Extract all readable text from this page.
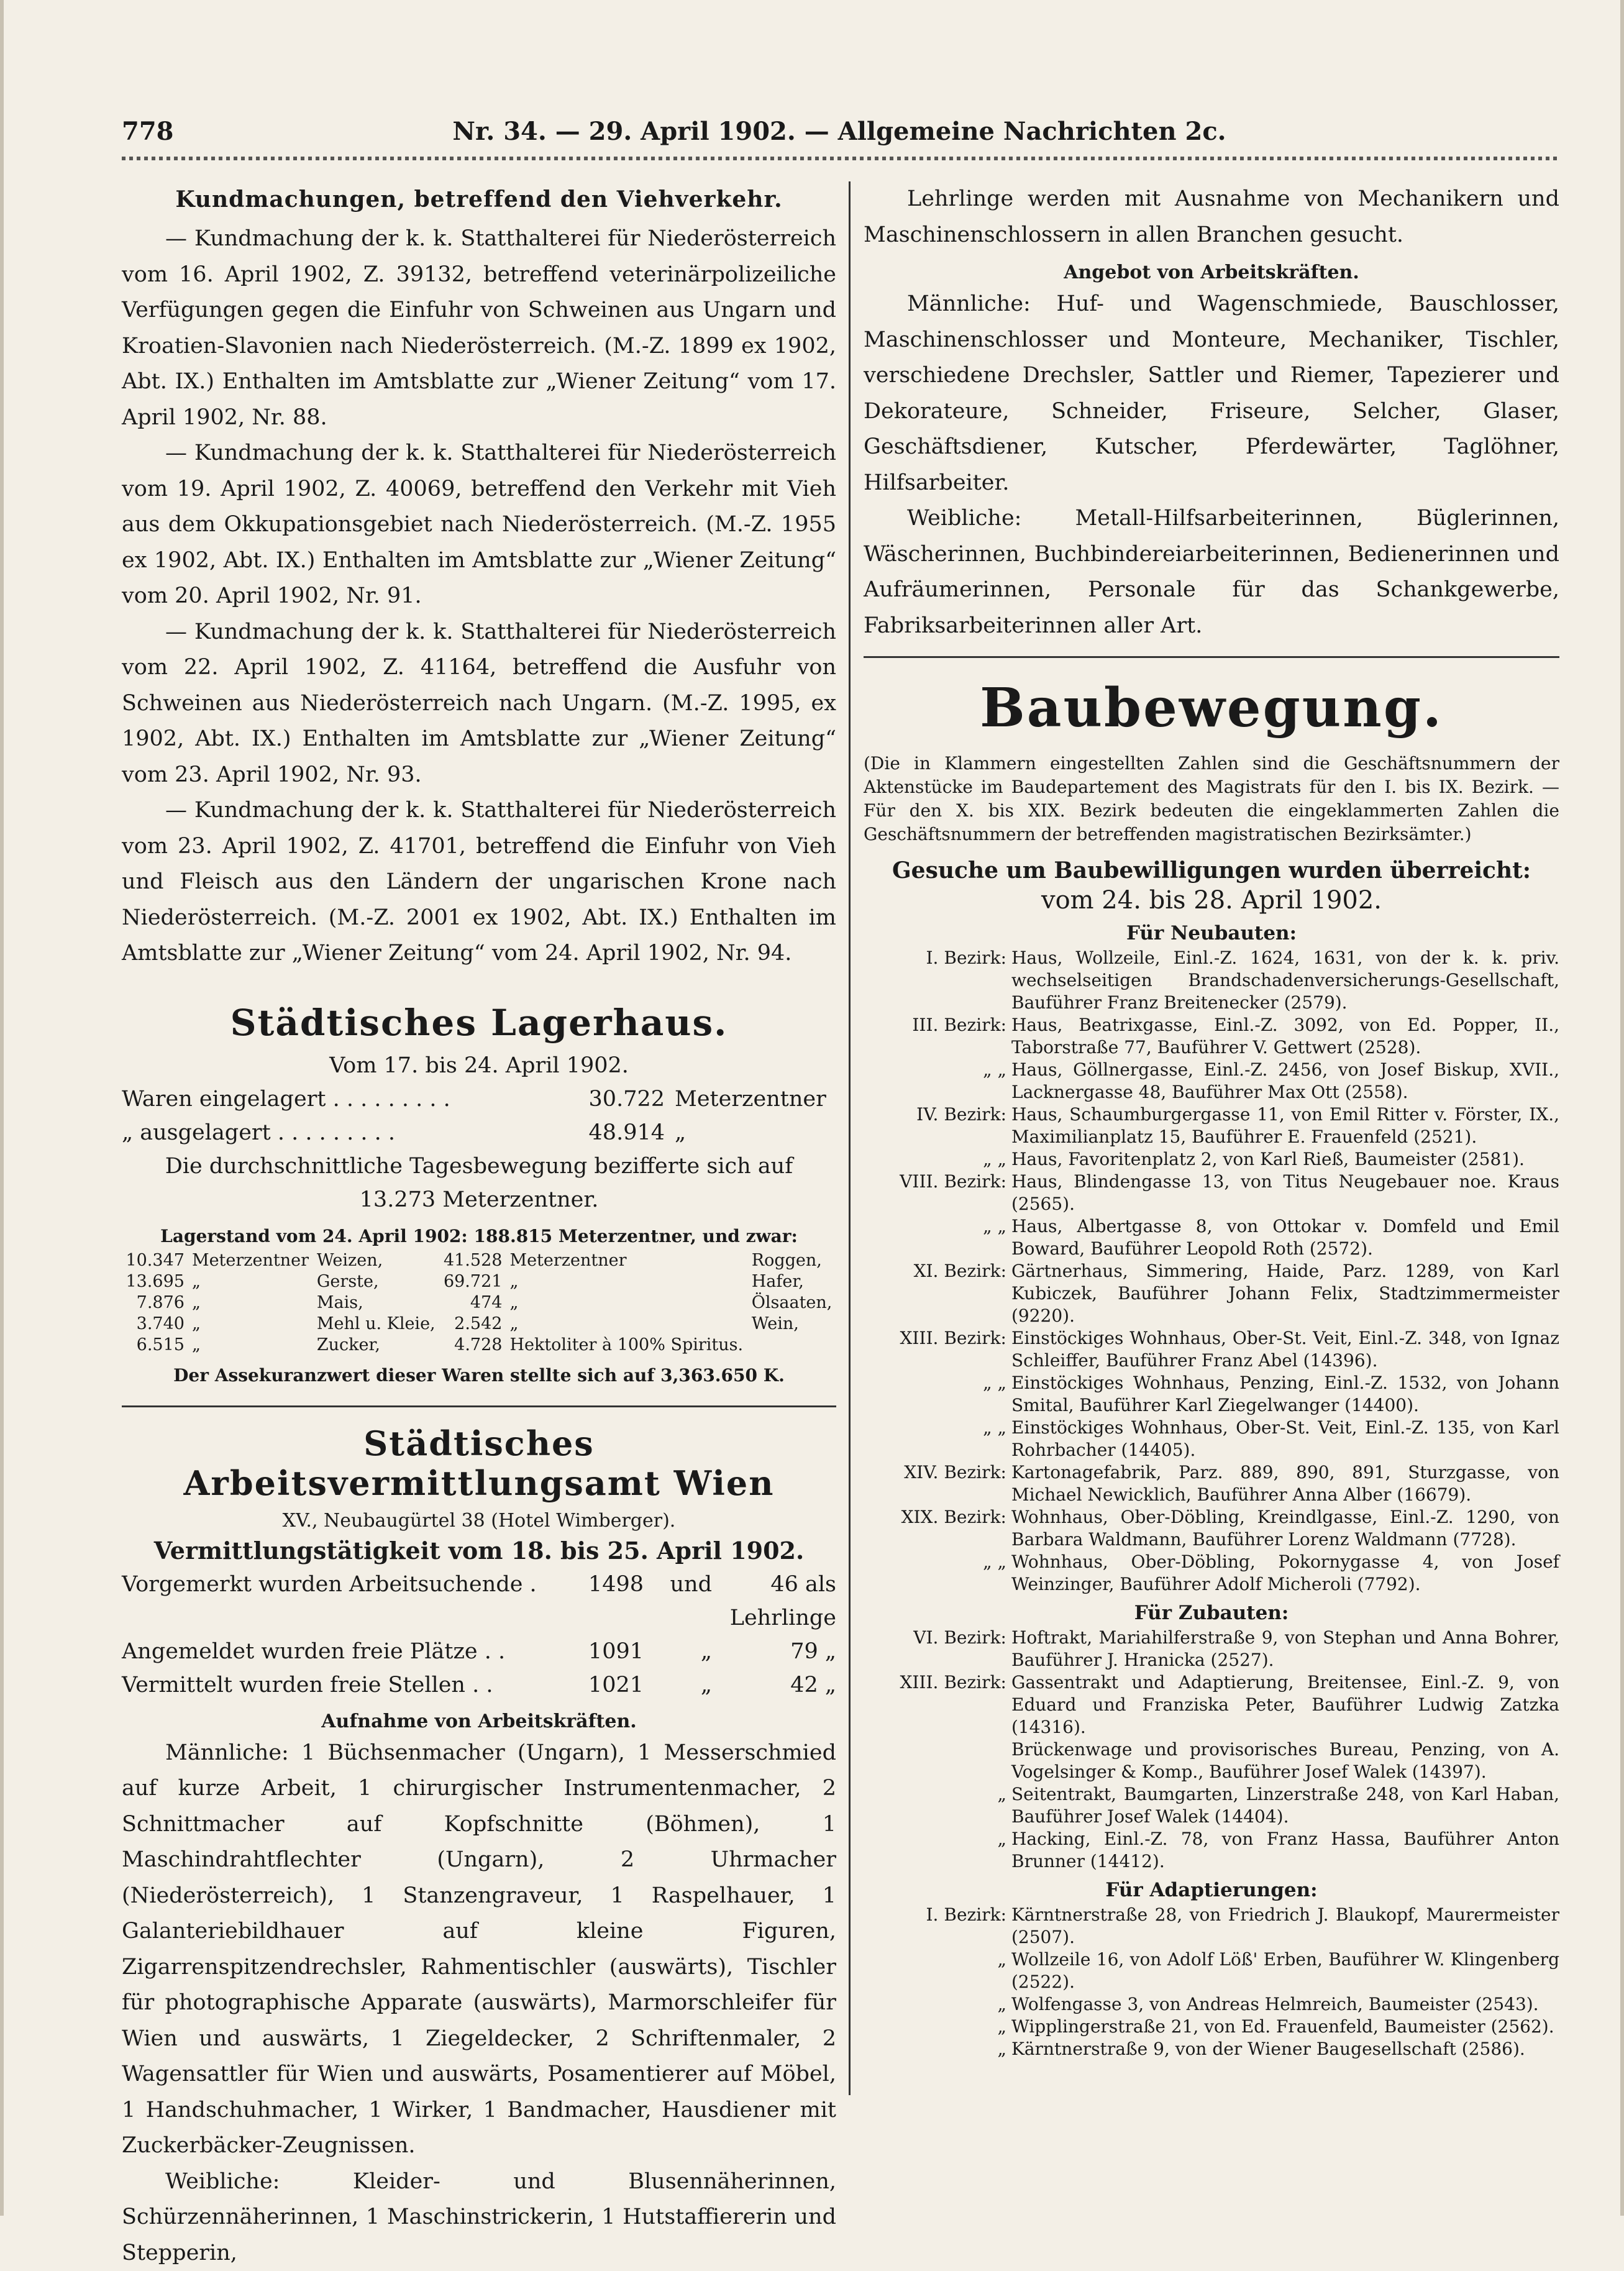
778	Nr. 34. — 29. April 1902. — Allgemeine Nachrichten 2c.
Kundmachungen, betreffend den Viehverkehr.

— Kundmachung der k. k. Statthalterei für Niederösterreich vom 16. April 1902, Z. 39132, betreffend veterinärpolizeiliche Verfügungen gegen die Einfuhr von Schweinen aus Ungarn und Kroatien-Slavonien nach Niederösterreich. (M.-Z. 1899 ex 1902, Abt. IX.) Enthalten im Amtsblatte zur „Wiener Zeitung“ vom 17. April 1902, Nr. 88.

— Kundmachung der k. k. Statthalterei für Niederösterreich vom 19. April 1902, Z. 40069, betreffend den Verkehr mit Vieh aus dem Okkupationsgebiet nach Niederösterreich. (M.-Z. 1955 ex 1902, Abt. IX.) Enthalten im Amtsblatte zur „Wiener Zeitung“ vom 20. April 1902, Nr. 91.

— Kundmachung der k. k. Statthalterei für Niederösterreich vom 22. April 1902, Z. 41164, betreffend die Ausfuhr von Schweinen aus Niederösterreich nach Ungarn. (M.-Z. 1995, ex 1902, Abt. IX.) Enthalten im Amtsblatte zur „Wiener Zeitung“ vom 23. April 1902, Nr. 93.

— Kundmachung der k. k. Statthalterei für Niederösterreich vom 23. April 1902, Z. 41701, betreffend die Einfuhr von Vieh und Fleisch aus den Ländern der ungarischen Krone nach Niederösterreich. (M.-Z. 2001 ex 1902, Abt. IX.) Enthalten im Amtsblatte zur „Wiener Zeitung“ vom 24. April 1902, Nr. 94.

Städtisches Lagerhaus.
Vom 17. bis 24. April 1902.
Waren eingelagert . . . . . . . . .	30.722 Meterzentner
„ ausgelagert . . . . . . . . .	48.914 „
Die durchschnittliche Tagesbewegung bezifferte sich auf
13.273 Meterzentner.
Lagerstand vom 24. April 1902: 188.815 Meterzentner, und zwar:
10.347	Meterzentner	Weizen,	41.528	Meterzentner	Roggen,
13.695	„	Gerste,	69.721	„	Hafer,
7.876	„	Mais,	474	„	Ölsaaten,
3.740	„	Mehl u. Kleie,	2.542	„	Wein,
6.515	„	Zucker,	4.728	Hektoliter à 100% Spiritus.	
Der Assekuranzwert dieser Waren stellte sich auf 3,363.650 K.
Städtisches Arbeitsvermittlungsamt Wien
XV., Neubaugürtel 38 (Hotel Wimberger).
Vermittlungstätigkeit vom 18. bis 25. April 1902.
Vorgemerkt wurden Arbeitsuchende .	1498	und	46 als Lehrlinge
Angemeldet wurden freie Plätze . .	1091	„	79 „
Vermittelt wurden freie Stellen . .	1021	„	42 „
Aufnahme von Arbeitskräften.

Männliche: 1 Büchsenmacher (Ungarn), 1 Messerschmied auf kurze Arbeit, 1 chirurgischer Instrumentenmacher, 2 Schnittmacher auf Kopfschnitte (Böhmen), 1 Maschindrahtflechter (Ungarn), 2 Uhrmacher (Niederösterreich), 1 Stanzengraveur, 1 Raspelhauer, 1 Galanteriebildhauer auf kleine Figuren, Zigarrenspitzendrechsler, Rahmentischler (auswärts), Tischler für photographische Apparate (auswärts), Marmorschleifer für Wien und auswärts, 1 Ziegeldecker, 2 Schriftenmaler, 2 Wagensattler für Wien und auswärts, Posamentierer auf Möbel, 1 Handschuhmacher, 1 Wirker, 1 Bandmacher, Hausdiener mit Zuckerbäcker-Zeugnissen.

Weibliche: Kleider- und Blusennäherinnen, Schürzennäherinnen, 1 Maschinstrickerin, 1 Hutstaffiererin und Stepperin,

Lehrlinge werden mit Ausnahme von Mechanikern und Maschinenschlossern in allen Branchen gesucht.

Angebot von Arbeitskräften.

Männliche: Huf- und Wagenschmiede, Bauschlosser, Maschinenschlosser und Monteure, Mechaniker, Tischler, verschiedene Drechsler, Sattler und Riemer, Tapezierer und Dekorateure, Schneider, Friseure, Selcher, Glaser, Geschäftsdiener, Kutscher, Pferdewärter, Taglöhner, Hilfsarbeiter.

Weibliche: Metall-Hilfsarbeiterinnen, Büglerinnen, Wäscherinnen, Buchbindereiarbeiterinnen, Bedienerinnen und Aufräumerinnen, Personale für das Schankgewerbe, Fabriksarbeiterinnen aller Art.

Baubewegung.
(Die in Klammern eingestellten Zahlen sind die Geschäftsnummern der Aktenstücke im Baudepartement des Magistrats für den I. bis IX. Bezirk. — Für den X. bis XIX. Bezirk bedeuten die eingeklammerten Zahlen die Geschäftsnummern der betreffenden magistratischen Bezirksämter.)
Gesuche um Baubewilligungen wurden überreicht:
vom 24. bis 28. April 1902.
Für Neubauten:
I. Bezirk: Haus, Wollzeile, Einl.-Z. 1624, 1631, von der k. k. priv. wechselseitigen Brandschadenversicherungs-Gesellschaft, Bauführer Franz Breitenecker (2579).
III. Bezirk: Haus, Beatrixgasse, Einl.-Z. 3092, von Ed. Popper, II., Taborstraße 77, Bauführer V. Gettwert (2528).
„ „ Haus, Göllnergasse, Einl.-Z. 2456, von Josef Biskup, XVII., Lacknergasse 48, Bauführer Max Ott (2558).
IV. Bezirk: Haus, Schaumburgergasse 11, von Emil Ritter v. Förster, IX., Maximilianplatz 15, Bauführer E. Frauenfeld (2521).
„ „ Haus, Favoritenplatz 2, von Karl Rieß, Baumeister (2581).
VIII. Bezirk: Haus, Blindengasse 13, von Titus Neugebauer noe. Kraus (2565).
„ „ Haus, Albertgasse 8, von Ottokar v. Domfeld und Emil Boward, Bauführer Leopold Roth (2572).
XI. Bezirk: Gärtnerhaus, Simmering, Haide, Parz. 1289, von Karl Kubiczek, Bauführer Johann Felix, Stadtzimmermeister (9220).
XIII. Bezirk: Einstöckiges Wohnhaus, Ober-St. Veit, Einl.-Z. 348, von Ignaz Schleiffer, Bauführer Franz Abel (14396).
„ „ Einstöckiges Wohnhaus, Penzing, Einl.-Z. 1532, von Johann Smital, Bauführer Karl Ziegelwanger (14400).
„ „ Einstöckiges Wohnhaus, Ober-St. Veit, Einl.-Z. 135, von Karl Rohrbacher (14405).
XIV. Bezirk: Kartonagefabrik, Parz. 889, 890, 891, Sturzgasse, von Michael Newicklich, Bauführer Anna Alber (16679).
XIX. Bezirk: Wohnhaus, Ober-Döbling, Kreindlgasse, Einl.-Z. 1290, von Barbara Waldmann, Bauführer Lorenz Waldmann (7728).
„ „ Wohnhaus, Ober-Döbling, Pokornygasse 4, von Josef Weinzinger, Bauführer Adolf Micheroli (7792).
Für Zubauten:
VI. Bezirk: Hoftrakt, Mariahilferstraße 9, von Stephan und Anna Bohrer, Bauführer J. Hranicka (2527).
XIII. Bezirk: Gassentrakt und Adaptierung, Breitensee, Einl.-Z. 9, von Eduard und Franziska Peter, Bauführer Ludwig Zatzka (14316).
Brückenwage und provisorisches Bureau, Penzing, von A. Vogelsinger & Komp., Bauführer Josef Walek (14397).
„ Seitentrakt, Baumgarten, Linzerstraße 248, von Karl Haban, Bauführer Josef Walek (14404).
„ Hacking, Einl.-Z. 78, von Franz Hassa, Bauführer Anton Brunner (14412).
Für Adaptierungen:
I. Bezirk: Kärntnerstraße 28, von Friedrich J. Blaukopf, Maurermeister (2507).
„ Wollzeile 16, von Adolf Löß' Erben, Bauführer W. Klingenberg (2522).
„ Wolfengasse 3, von Andreas Helmreich, Baumeister (2543).
„ Wipplingerstraße 21, von Ed. Frauenfeld, Baumeister (2562).
„ Kärntnerstraße 9, von der Wiener Baugesellschaft (2586).
